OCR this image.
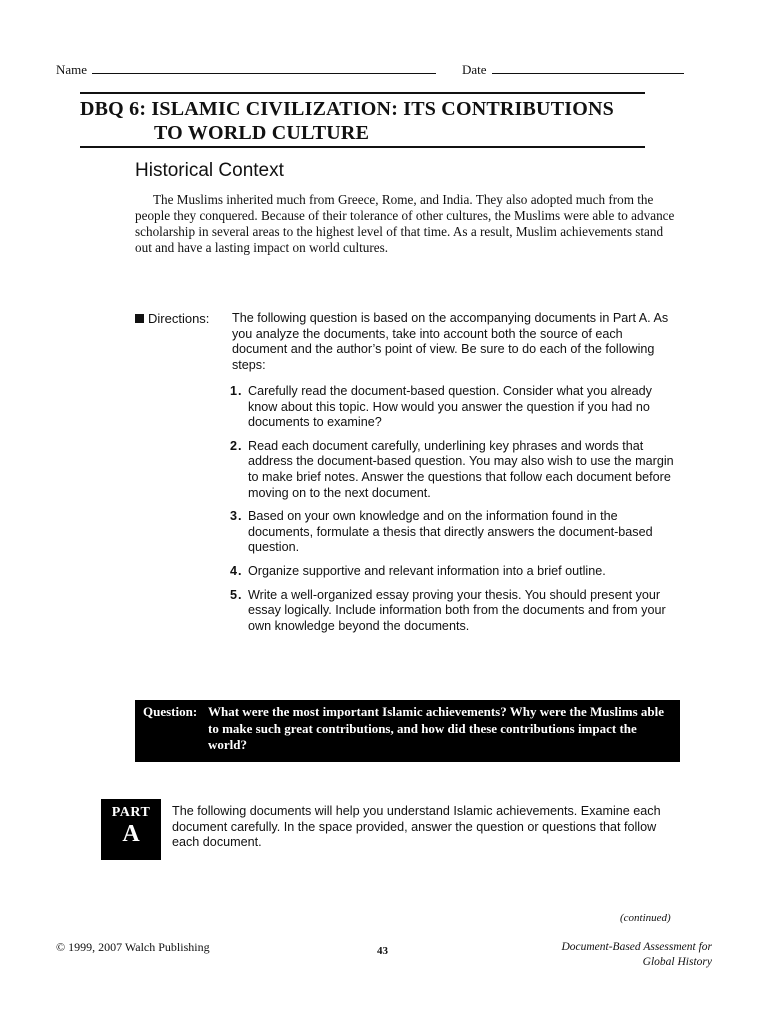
Name	Date
DBQ 6: ISLAMIC CIVILIZATION: ITS CONTRIBUTIONS
TO WORLD CULTURE
Historical Context

The Muslims inherited much from Greece, Rome, and India. They also adopted much from the people they conquered. Because of their tolerance of other cultures, the Muslims were able to advance scholarship in several areas to the highest level of that time. As a result, Muslim achievements stand out and have a lasting impact on world cultures.

Directions: The following question is based on the accompanying documents in Part A. As you analyze the documents, take into account both the source of each document and the author’s point of view. Be sure to do each of the following steps:

1. Carefully read the document-based question. Consider what you already know about this topic. How would you answer the question if you had no documents to examine?
2. Read each document carefully, underlining key phrases and words that address the document-based question. You may also wish to use the margin to make brief notes. Answer the questions that follow each document before moving on to the next document.
3. Based on your own knowledge and on the information found in the documents, formulate a thesis that directly answers the document-based question.
4. Organize supportive and relevant information into a brief outline.
5. Write a well-organized essay proving your thesis. You should present your essay logically. Include information both from the documents and from your own knowledge beyond the documents.
Question: What were the most important Islamic achievements? Why were the Muslims able to make such great contributions, and how did these contributions impact the world?
PART
A

The following documents will help you understand Islamic achievements. Examine each document carefully. In the space provided, answer the question or questions that follow each document.

(continued)
© 1999, 2007 Walch Publishing	43	Document-Based Assessment for
Global History
